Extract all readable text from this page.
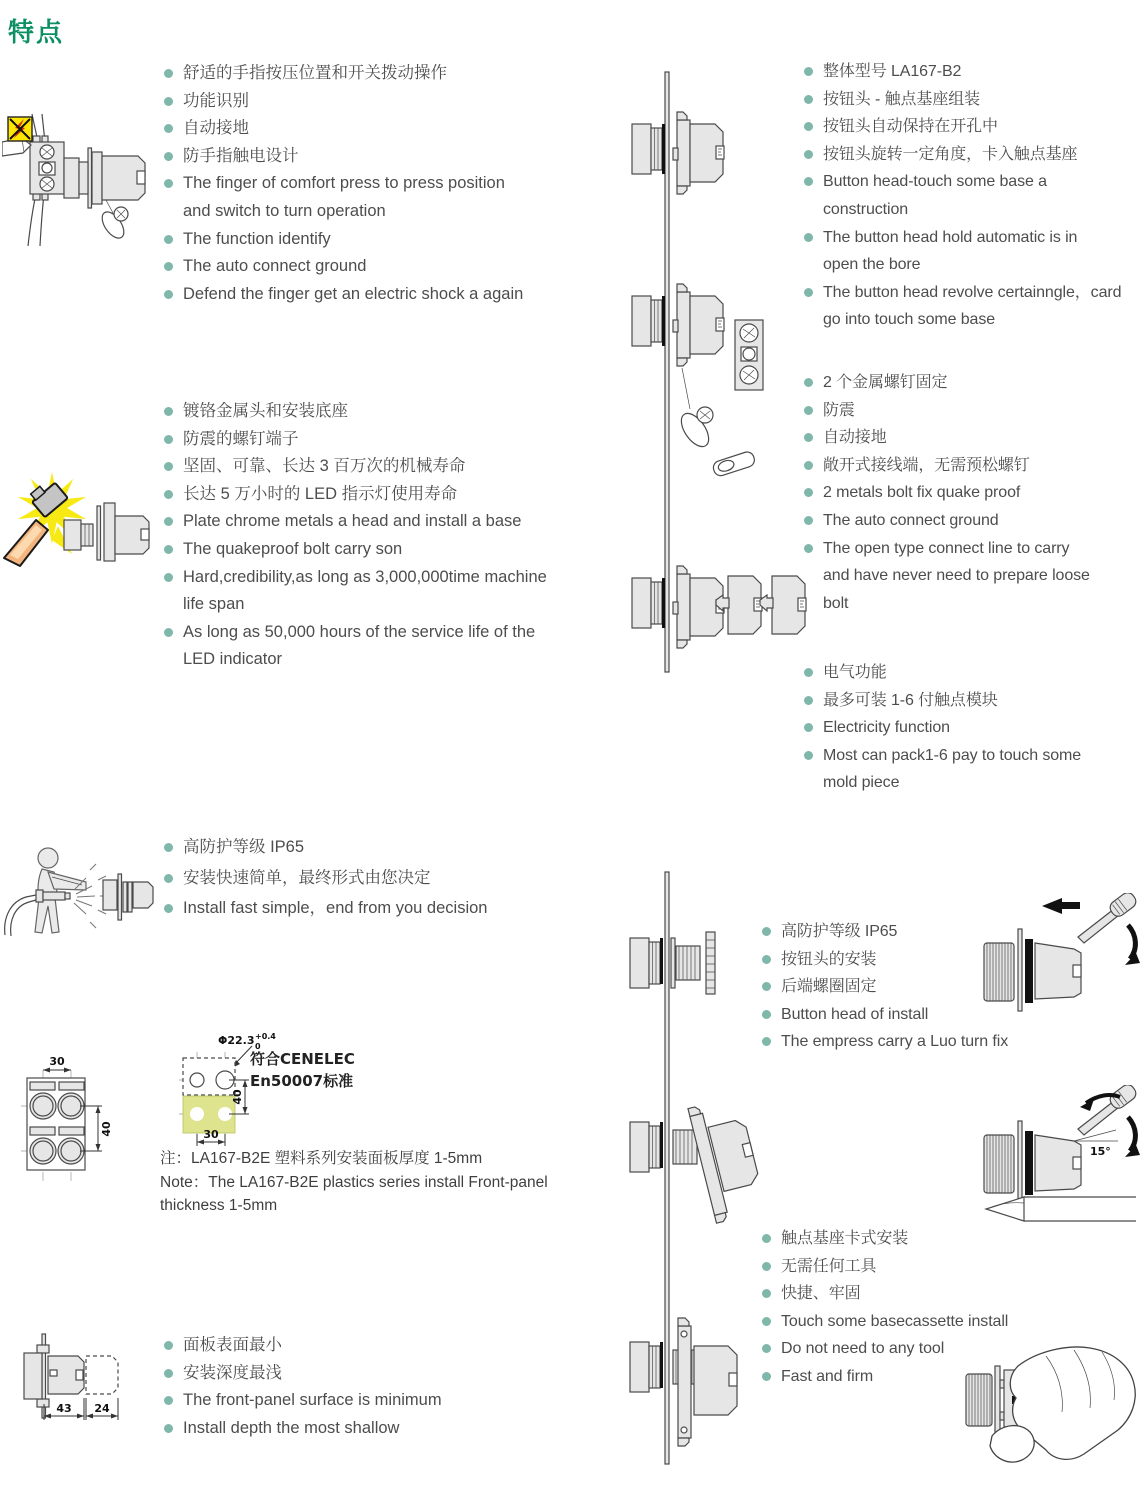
特点
舒适的手指按压位置和开关拨动操作
功能识别
自动接地
防手指触电设计
The finger of comfort press to press position
and switch to turn operation
The function identify
The auto connect ground
Defend the finger get an electric shock a again
镀铬金属头和安装底座
防震的螺钉端子
坚固、可靠、长达 3 百万次的机械寿命
长达 5 万小时的 LED 指示灯使用寿命
Plate chrome metals a head and install a base
The quakeproof bolt carry son
Hard,credibility,as long as 3,000,000time machine
life span
As long as 50,000 hours of the service life of the
LED indicator
高防护等级 IP65
安装快速简单，最终形式由您决定
Install fast simple，end from you decision
面板表面最小
安装深度最浅
The front-panel surface is minimum
Install depth the most shallow
整体型号 LA167-B2
按钮头 - 触点基座组装
按钮头自动保持在开孔中
按钮头旋转一定角度，卡入触点基座
Button head-touch some base a
construction
The button head hold automatic is in
open the bore
The button head revolve certainngle，card
go into touch some base
2 个金属螺钉固定
防震
自动接地
敞开式接线端，无需预松螺钉
2 metals bolt fix quake proof
The auto connect ground
The open type connect line to carry
and have never need to prepare loose
bolt
电气功能
最多可装 1-6 付触点模块
Electricity function
Most can pack1-6 pay to touch some
mold piece
高防护等级 IP65
按钮头的安装
后端螺圈固定
Button head of install
The empress carry a Luo turn fix
触点基座卡式安装
无需任何工具
快捷、牢固
Touch some basecassette install
Do not need to any tool
Fast and firm
注：LA167-B2E 塑料系列安装面板厚度 1-5mm
Note：The LA167-B2E plastics series install Front-panel
thickness 1-5mm
30
40
Φ22.3 +0.4
0
40
30
符合CENELEC
En50007标准
43 24
15°
